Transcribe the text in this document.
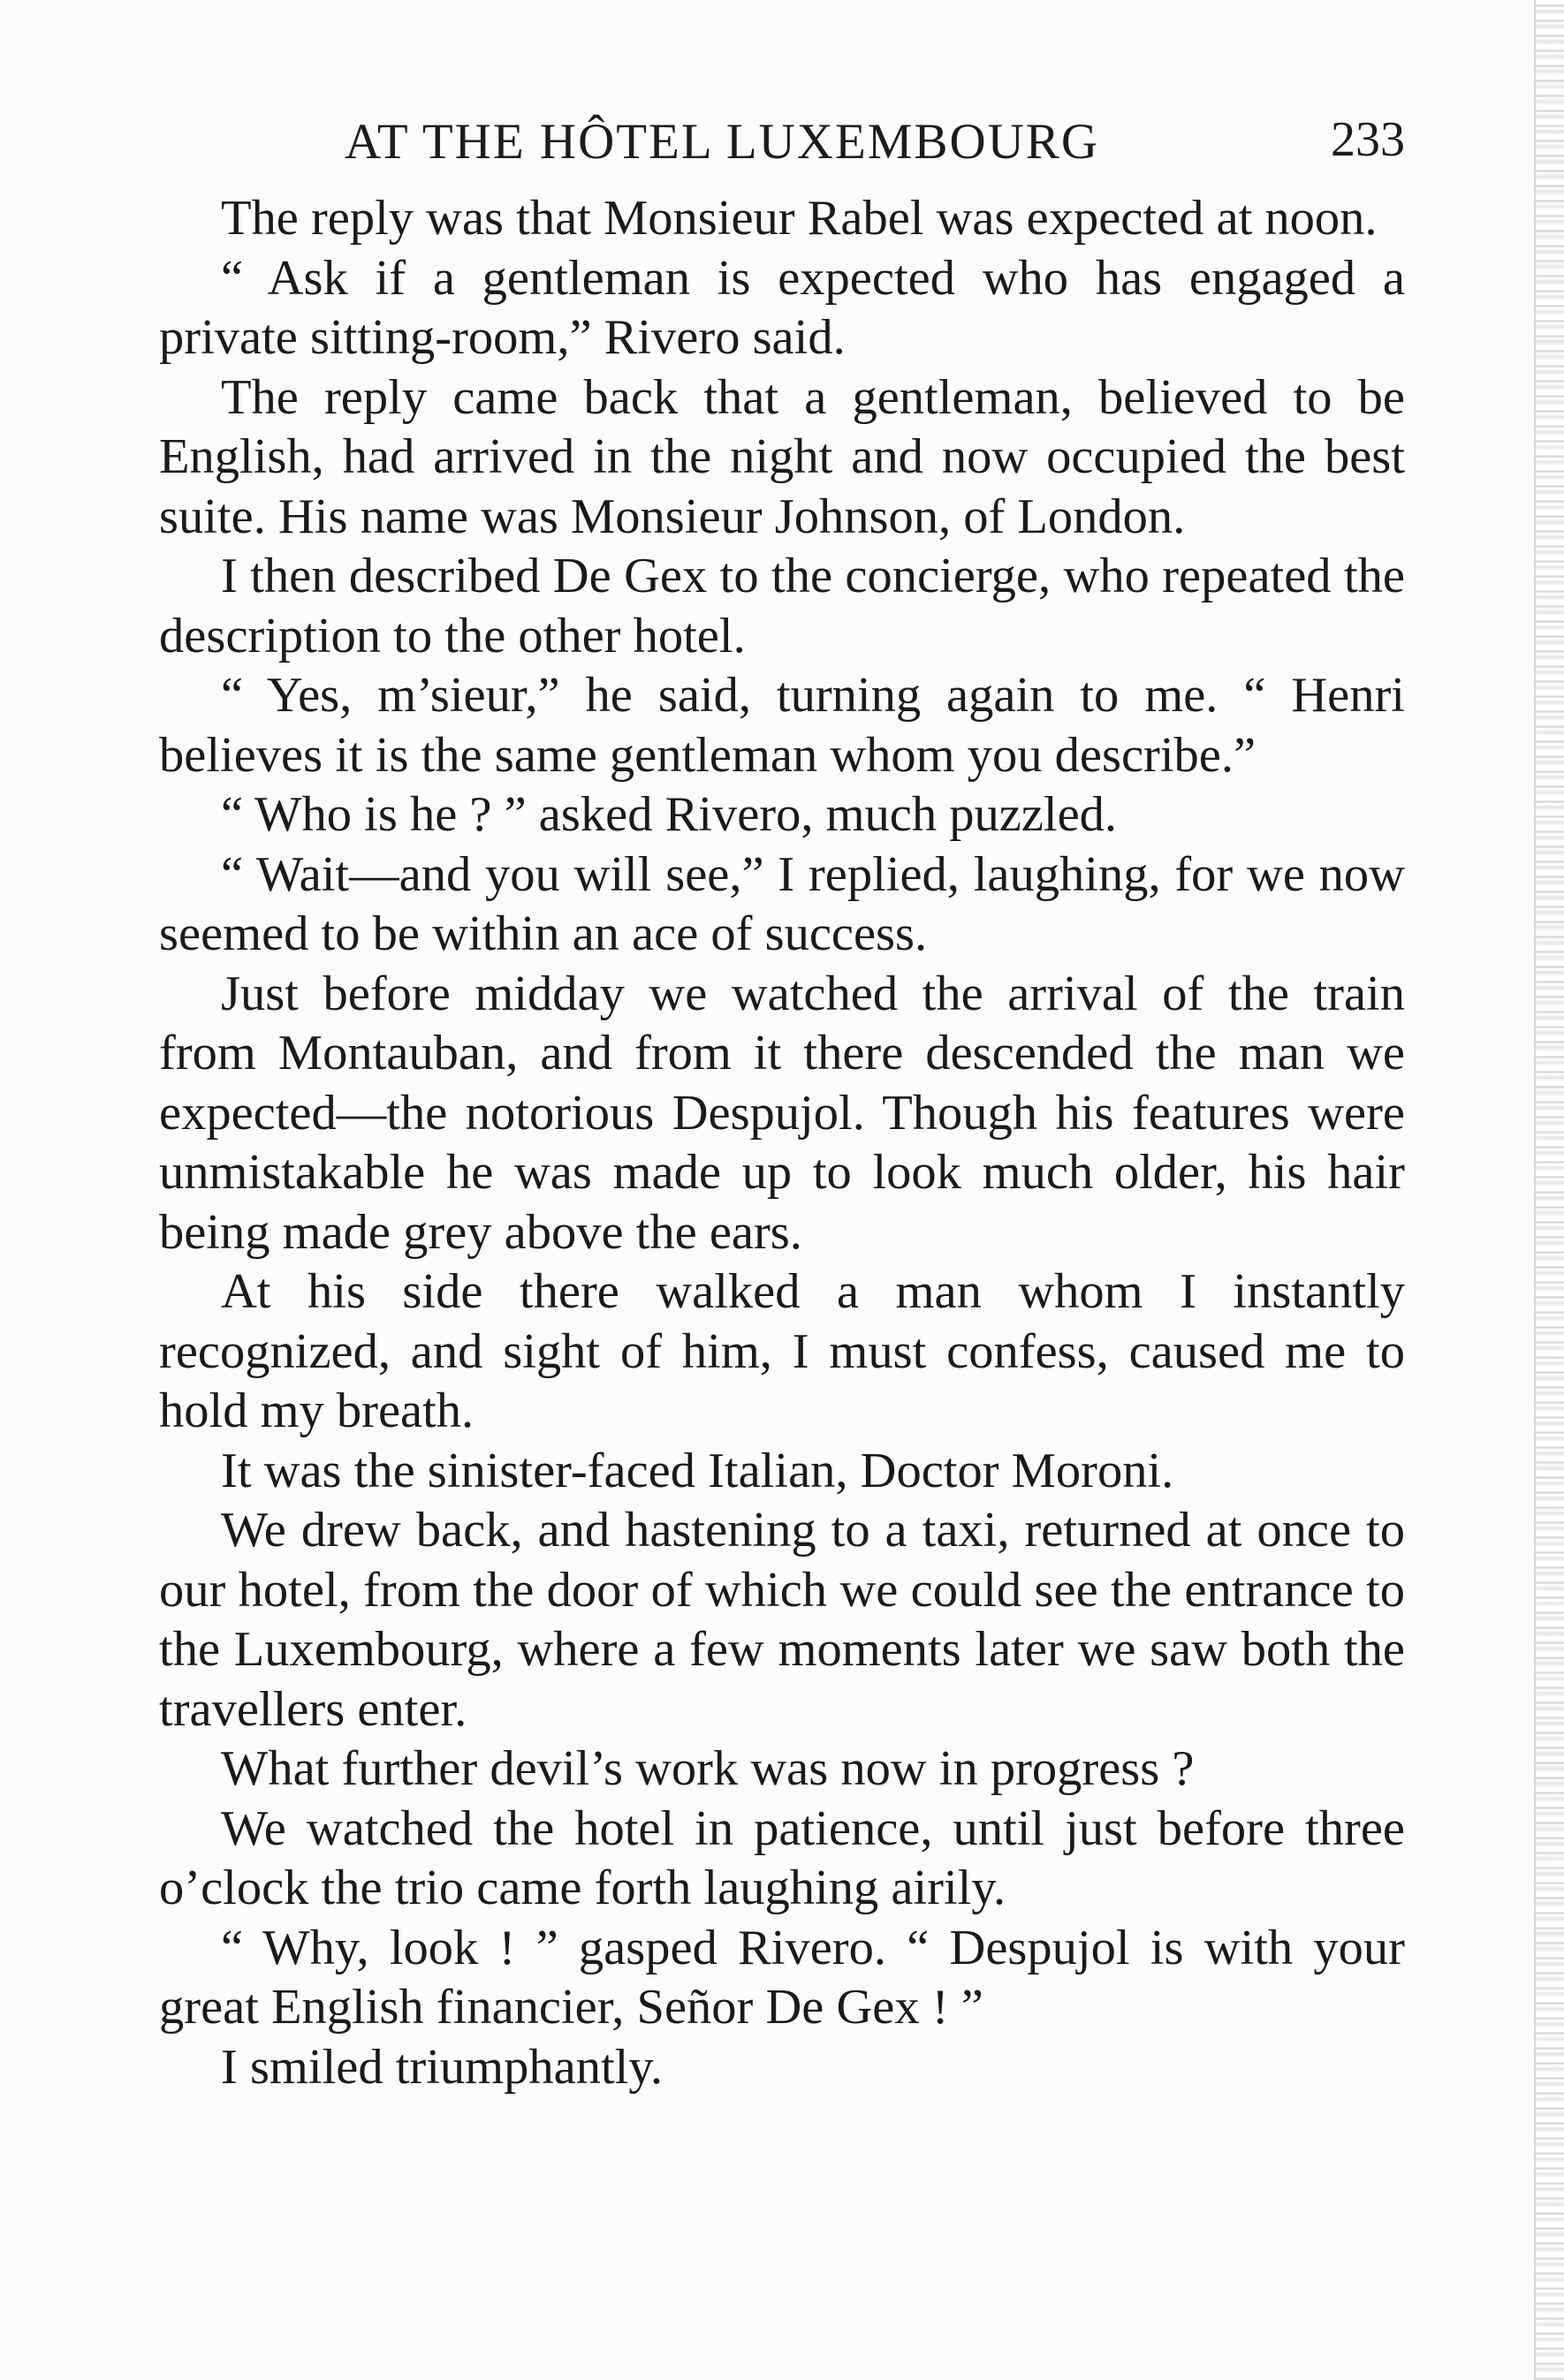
AT THE HÔTEL LUXEMBOURG	233

The reply was that Monsieur Rabel was expected at noon.

“ Ask if a gentleman is expected who has engaged a private sitting-room,” Rivero said.

The reply came back that a gentleman, believed to be English, had arrived in the night and now occupied the best suite. His name was Monsieur Johnson, of London.

I then described De Gex to the concierge, who repeated the description to the other hotel.

“ Yes, m’sieur,” he said, turning again to me. “ Henri believes it is the same gentleman whom you describe.”

“ Who is he ? ” asked Rivero, much puzzled.

“ Wait—and you will see,” I replied, laughing, for we now seemed to be within an ace of success.

Just before midday we watched the arrival of the train from Montauban, and from it there descended the man we expected—the notorious Despujol. Though his features were unmistakable he was made up to look much older, his hair being made grey above the ears.

At his side there walked a man whom I instantly recognized, and sight of him, I must confess, caused me to hold my breath.

It was the sinister-faced Italian, Doctor Moroni.

We drew back, and hastening to a taxi, returned at once to our hotel, from the door of which we could see the entrance to the Luxembourg, where a few moments later we saw both the travellers enter.

What further devil’s work was now in progress ?

We watched the hotel in patience, until just before three o’clock the trio came forth laughing airily.

“ Why, look ! ” gasped Rivero. “ Despujol is with your great English financier, Señor De Gex ! ”

I smiled triumphantly.
